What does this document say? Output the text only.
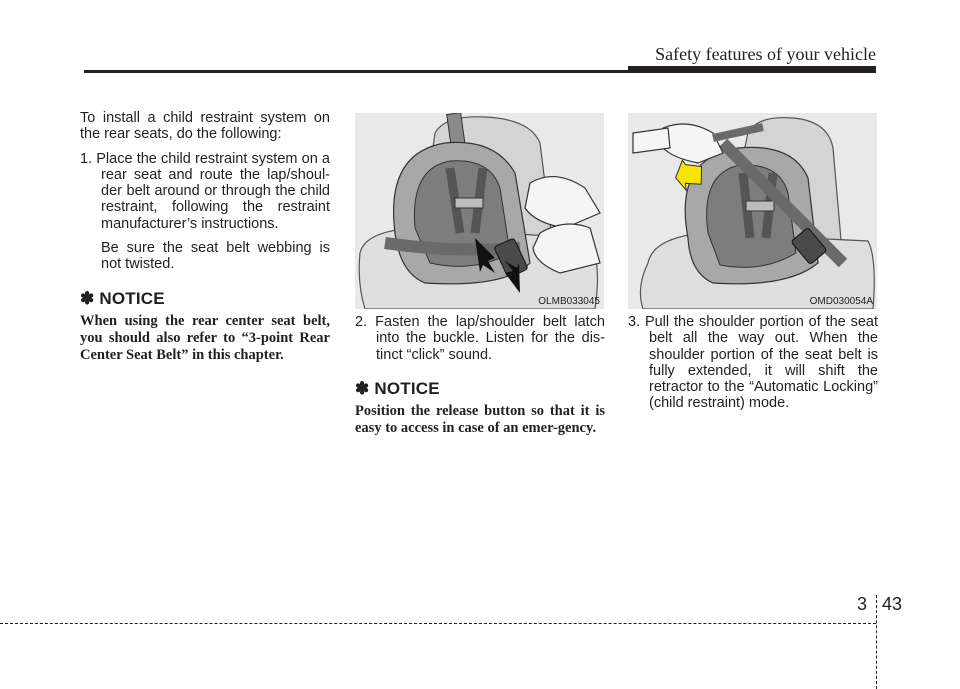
Safety features of your vehicle

To install a child restraint system on the rear seats, do the following:

1. Place the child restraint system on a rear seat and route the lap/shoul-der belt around or through the child restraint, following the restraint manufacturer’s instructions.

Be sure the seat belt webbing is not twisted.

✽ NOTICE

When using the rear center seat belt, you should also refer to “3-point Rear Center Seat Belt” in this chapter.

OLMB033045	OMD030054A

2. Fasten the lap/shoulder belt latch into the buckle. Listen for the dis-tinct “click” sound.

✽ NOTICE

Position the release button so that it is easy to access in case of an emer-gency.

3. Pull the shoulder portion of the seat belt all the way out. When the shoulder portion of the seat belt is fully extended, it will shift the retractor to the “Automatic Locking” (child restraint) mode.

3 43
